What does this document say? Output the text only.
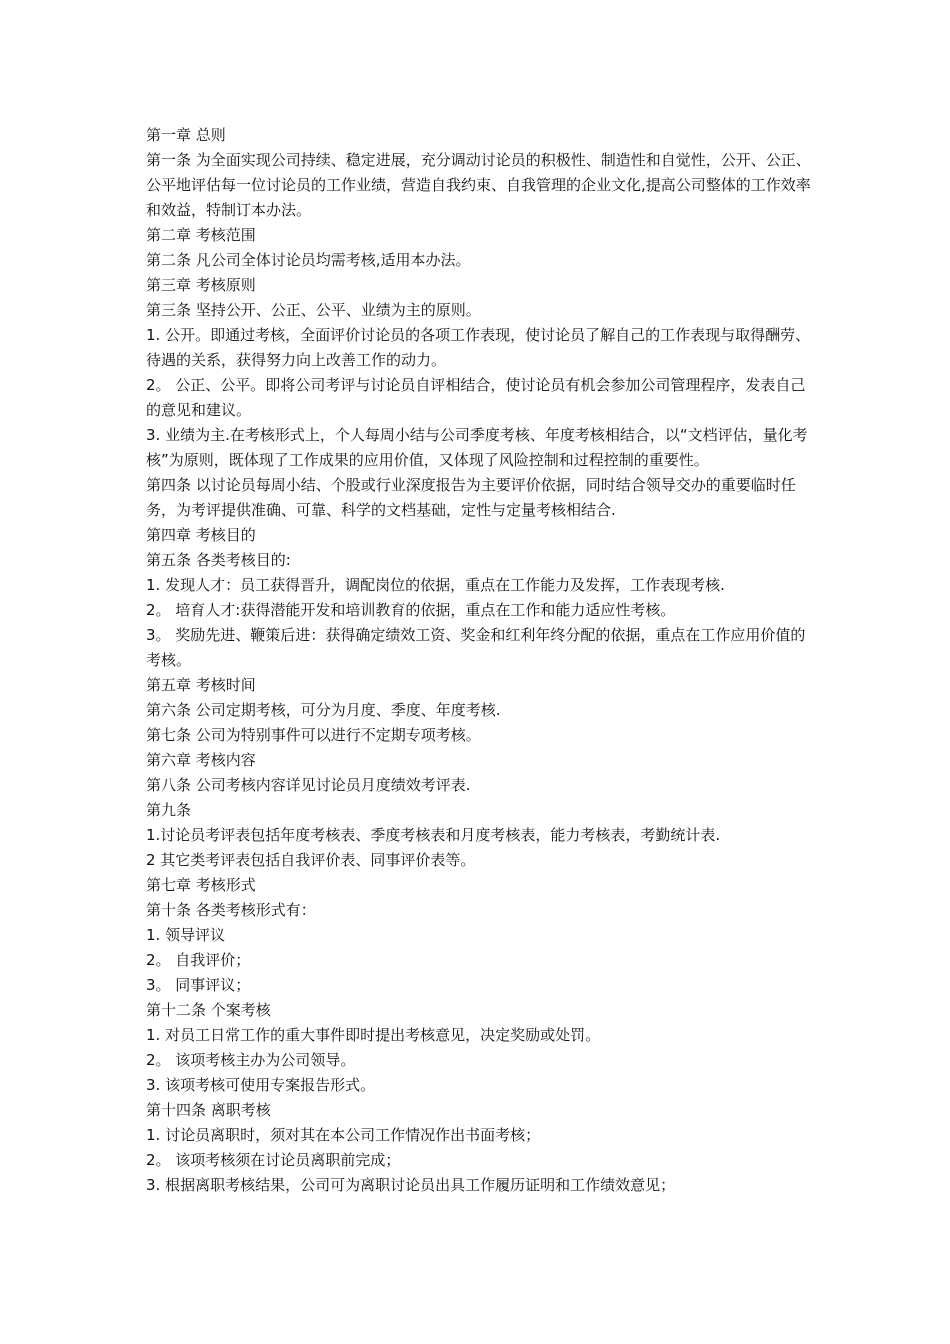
第一章 总则

第一条 为全面实现公司持续、稳定进展，充分调动讨论员的积极性、制造性和自觉性，公开、公正、公平地评估每一位讨论员的工作业绩，营造自我约束、自我管理的企业文化,提高公司整体的工作效率和效益，特制订本办法。

第二章 考核范围

第二条 凡公司全体讨论员均需考核,适用本办法。

第三章 考核原则

第三条 坚持公开、公正、公平、业绩为主的原则。

1. 公开。即通过考核，全面评价讨论员的各项工作表现，使讨论员了解自己的工作表现与取得酬劳、待遇的关系，获得努力向上改善工作的动力。

2。 公正、公平。即将公司考评与讨论员自评相结合，使讨论员有机会参加公司管理程序，发表自己的意见和建议。

3. 业绩为主.在考核形式上，个人每周小结与公司季度考核、年度考核相结合，以“文档评估，量化考核”为原则，既体现了工作成果的应用价值，又体现了风险控制和过程控制的重要性。

第四条 以讨论员每周小结、个股或行业深度报告为主要评价依据，同时结合领导交办的重要临时任务，为考评提供准确、可靠、科学的文档基础，定性与定量考核相结合.

第四章 考核目的

第五条 各类考核目的:

1. 发现人才：员工获得晋升，调配岗位的依据，重点在工作能力及发挥，工作表现考核.

2。 培育人才:获得潜能开发和培训教育的依据，重点在工作和能力适应性考核。

3。 奖励先进、鞭策后进：获得确定绩效工资、奖金和红利年终分配的依据，重点在工作应用价值的考核。

第五章 考核时间

第六条 公司定期考核，可分为月度、季度、年度考核.

第七条 公司为特别事件可以进行不定期专项考核。

第六章 考核内容

第八条 公司考核内容详见讨论员月度绩效考评表.

第九条

1.讨论员考评表包括年度考核表、季度考核表和月度考核表，能力考核表，考勤统计表.

2 其它类考评表包括自我评价表、同事评价表等。

第七章 考核形式

第十条 各类考核形式有：

1. 领导评议

2。 自我评价；

3。 同事评议；

第十二条 个案考核

1. 对员工日常工作的重大事件即时提出考核意见，决定奖励或处罚。

2。 该项考核主办为公司领导。

3. 该项考核可使用专案报告形式。

第十四条 离职考核

1. 讨论员离职时，须对其在本公司工作情况作出书面考核；

2。 该项考核须在讨论员离职前完成；

3. 根据离职考核结果，公司可为离职讨论员出具工作履历证明和工作绩效意见；
